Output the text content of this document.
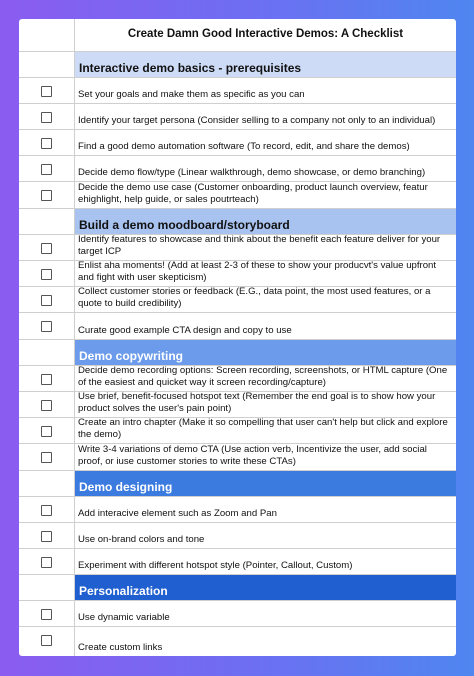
Create Damn Good Interactive Demos: A Checklist
Interactive demo basics - prerequisites
Set your goals and make them as specific as you can
Identify your target persona (Consider selling to a company not only to an individual)
Find a good demo automation software (To record, edit, and share the demos)
Decide demo flow/type (Linear walkthrough, demo showcase, or demo branching)
Decide the demo use case (Customer onboarding, product launch overview, featur ehighlight, help guide, or sales poutrteach)
Build a demo moodboard/storyboard
Identify features to showcase and think about the benefit each feature deliver for your target ICP
Enlist aha moments! (Add at least 2-3 of these to show your producvt's value upfront and fight with user skepticism)
Collect customer stories or feedback (E.G., data point, the most used features, or a quote to build credibility)
Curate good example CTA design and copy to use
Demo copywriting
Decide demo recording options: Screen recording, screenshots, or HTML capture (One of the easiest and quicket way it screen recording/capture)
Use brief, benefit-focused hotspot text (Remember the end goal is to show how your product solves the user's pain point)
Create an intro chapter (Make it so compelling that user can't help but click and explore the demo)
Write 3-4 variations of demo CTA (Use action verb, Incentivize the user, add social proof, or iuse customer stories to write these CTAs)
Demo designing
Add interacive element such as Zoom and Pan
Use on-brand colors and tone
Experiment with different hotspot style (Pointer, Callout, Custom)
Personalization
Use dynamic variable
Create custom links
